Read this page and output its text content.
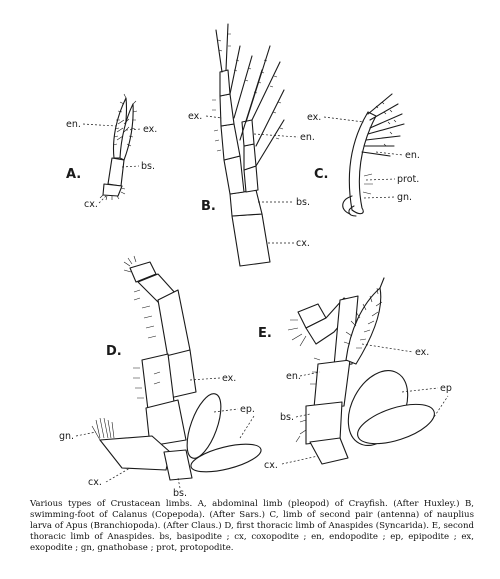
A.
en.	ex.
bs.
cx.	B.
ex.
en.
bs.
cx.
C.
ex.
en.
prot.
gn.
D.
ex.
ep.
gn.
cx.
bs.
E.
ex.
en.
ep
bs.
cx.
Various types of Crustacean limbs. A, abdominal limb (pleopod) of Crayfish. (After Huxley.) B, swimming-foot of Calanus (Copepoda). (After Sars.) C, limb of second pair (antenna) of nauplius larva of Apus (Branchiopoda). (After Claus.) D, first thoracic limb of Anaspides (Syncarida). E, second thoracic limb of Anaspides. bs, basipodite ; cx, coxopodite ; en, endopodite ; ep, epipodite ; ex, exopodite ; gn, gnathobase ; prot, protopodite.
